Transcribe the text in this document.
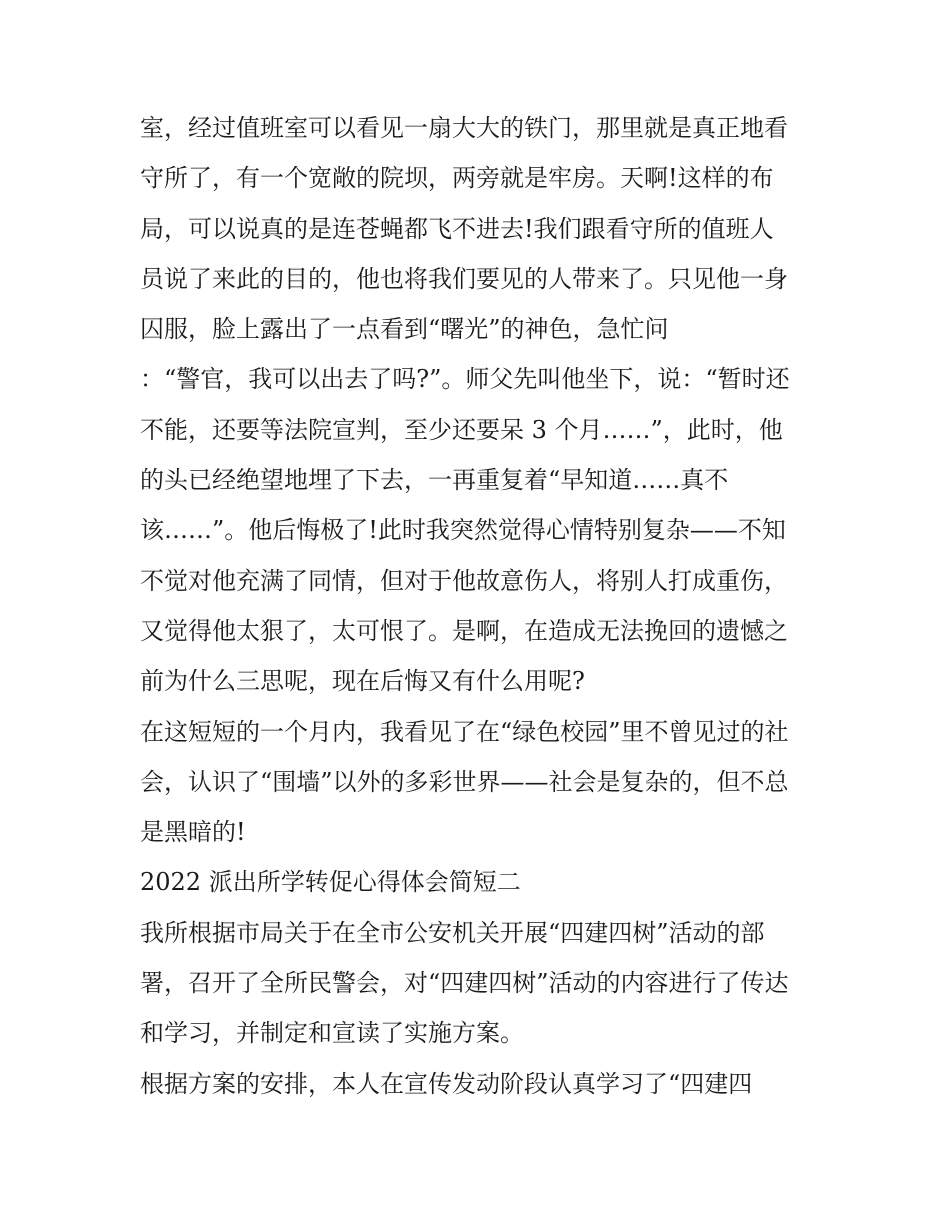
室，经过值班室可以看见一扇大大的铁门，那里就是真正地看
守所了，有一个宽敞的院坝，两旁就是牢房。天啊!这样的布
局，可以说真的是连苍蝇都飞不进去!我们跟看守所的值班人
员说了来此的目的，他也将我们要见的人带来了。只见他一身
囚服，脸上露出了一点看到“曙光”的神色，急忙问
：“警官，我可以出去了吗?”。师父先叫他坐下，说：“暂时还
不能，还要等法院宣判，至少还要呆 3 个月……”，此时，他
的头已经绝望地埋了下去，一再重复着“早知道……真不
该……”。他后悔极了!此时我突然觉得心情特别复杂——不知
不觉对他充满了同情，但对于他故意伤人，将别人打成重伤，
又觉得他太狠了，太可恨了。是啊，在造成无法挽回的遗憾之
前为什么三思呢，现在后悔又有什么用呢?
在这短短的一个月内，我看见了在“绿色校园”里不曾见过的社
会，认识了“围墙”以外的多彩世界——社会是复杂的，但不总
是黑暗的!
2022 派出所学转促心得体会简短二
我所根据市局关于在全市公安机关开展“四建四树”活动的部
署，召开了全所民警会，对“四建四树”活动的内容进行了传达
和学习，并制定和宣读了实施方案。
根据方案的安排，本人在宣传发动阶段认真学习了“四建四
